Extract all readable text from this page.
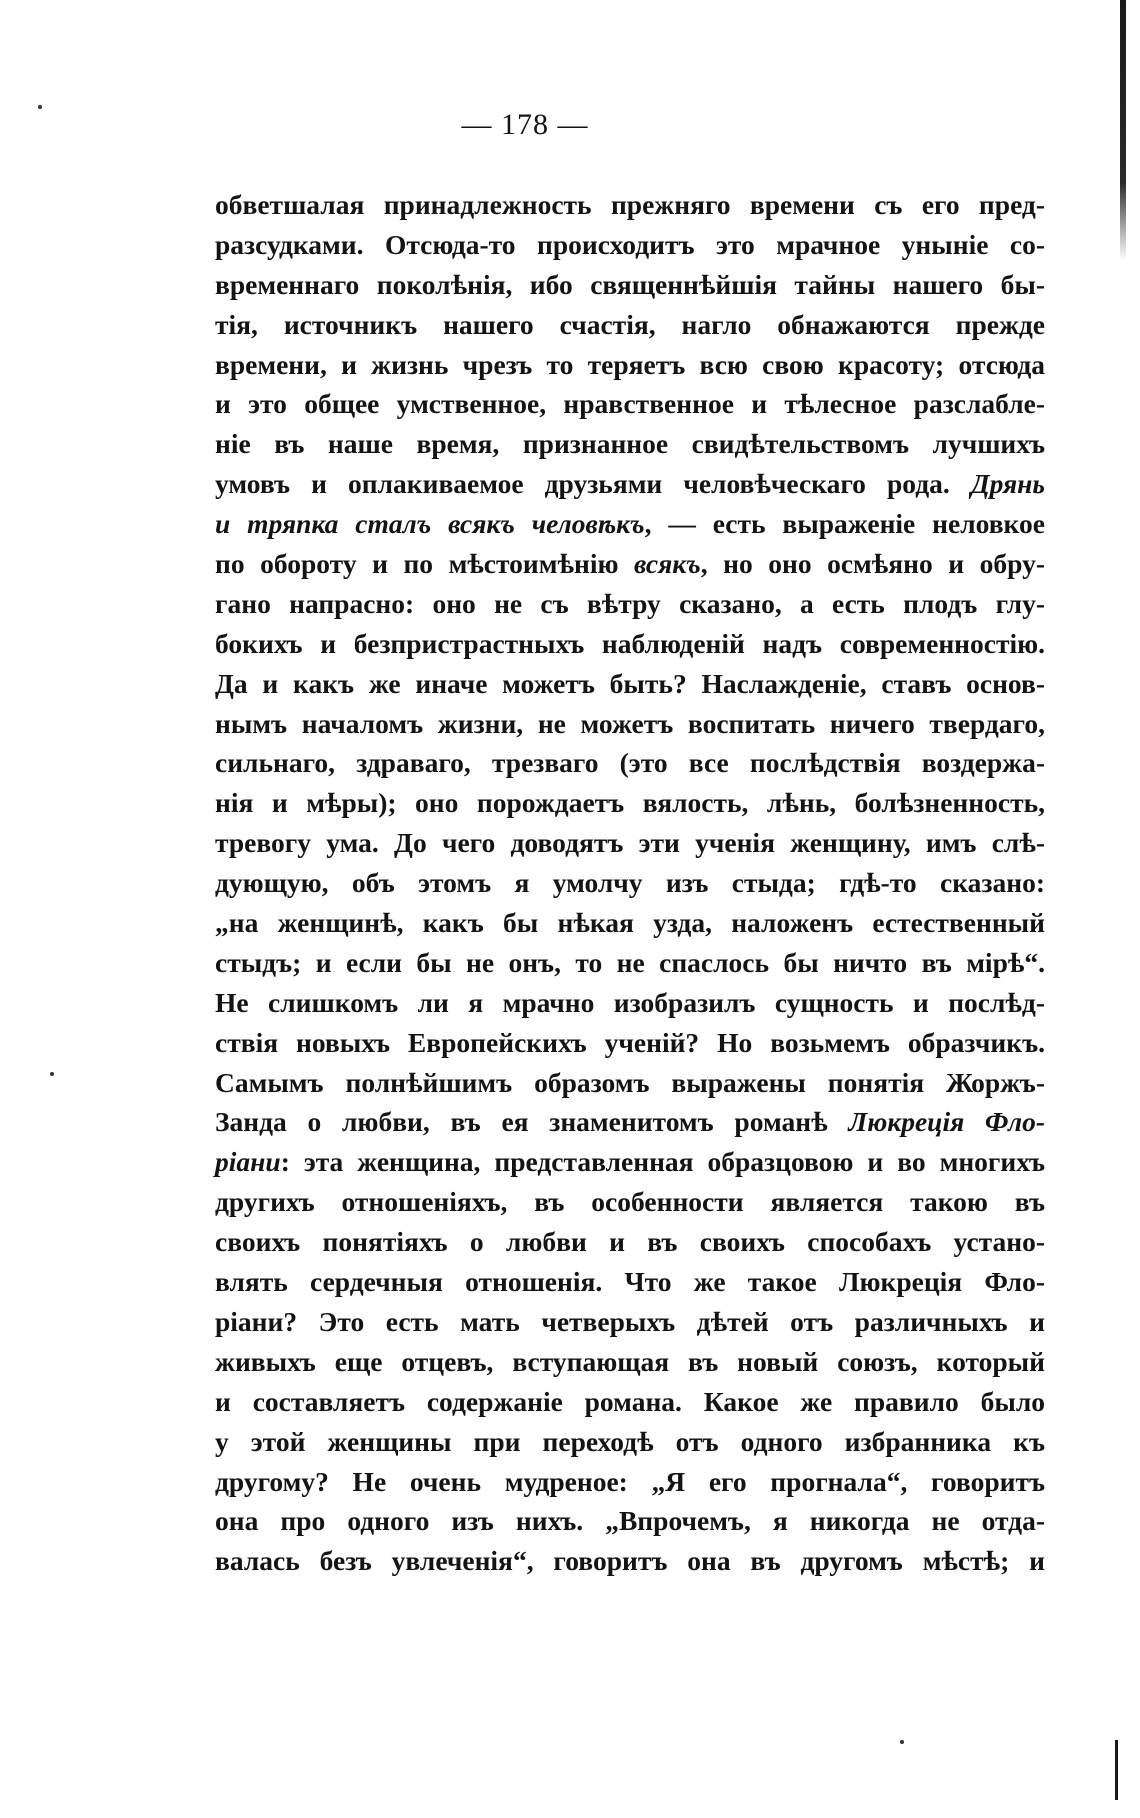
— 178 —
обветшалая принадлежность прежняго времени съ его пред-
разсудками. Отсюда-то происходитъ это мрачное уныніе со-
временнаго поколѣнія, ибо священнѣйшія тайны нашего бы-
тія, источникъ нашего счастія, нагло обнажаются прежде
времени, и жизнь чрезъ то теряетъ всю свою красоту; отсюда
и это общее умственное, нравственное и тѣлесное разслабле-
ніе въ наше время, признанное свидѣтельствомъ лучшихъ
умовъ и оплакиваемое друзьями человѣческаго рода. Дрянь
и тряпка сталъ всякъ человѣкъ, — есть выраженіе неловкое
по обороту и по мѣстоимѣнію всякъ, но оно осмѣяно и обру-
гано напрасно: оно не съ вѣтру сказано, а есть плодъ глу-
бокихъ и безпристрастныхъ наблюденій надъ современностію.
Да и какъ же иначе можетъ быть? Наслажденіе, ставъ основ-
нымъ началомъ жизни, не можетъ воспитать ничего твердаго,
сильнаго, здраваго, трезваго (это все послѣдствія воздержа-
нія и мѣры); оно порождаетъ вялость, лѣнь, болѣзненность,
тревогу ума. До чего доводятъ эти ученія женщину, имъ слѣ-
дующую, объ этомъ я умолчу изъ стыда; гдѣ-то сказано:
„на женщинѣ, какъ бы нѣкая узда, наложенъ естественный
стыдъ; и если бы не онъ, то не спаслось бы ничто въ мірѣ“.
Не слишкомъ ли я мрачно изобразилъ сущность и послѣд-
ствія новыхъ Европейскихъ ученій? Но возьмемъ образчикъ.
Самымъ полнѣйшимъ образомъ выражены понятія Жоржъ-
Занда о любви, въ ея знаменитомъ романѣ Люкреція Фло-
ріани: эта женщина, представленная образцовою и во многихъ
другихъ отношеніяхъ, въ особенности является такою въ
своихъ понятіяхъ о любви и въ своихъ способахъ устано-
влять сердечныя отношенія. Что же такое Люкреція Фло-
ріани? Это есть мать четверыхъ дѣтей отъ различныхъ и
живыхъ еще отцевъ, вступающая въ новый союзъ, который
и составляетъ содержаніе романа. Какое же правило было
у этой женщины при переходѣ отъ одного избранника къ
другому? Не очень мудреное: „Я его прогнала“, говоритъ
она про одного изъ нихъ. „Впрочемъ, я никогда не отда-
валась безъ увлеченія“, говоритъ она въ другомъ мѣстѣ; и
